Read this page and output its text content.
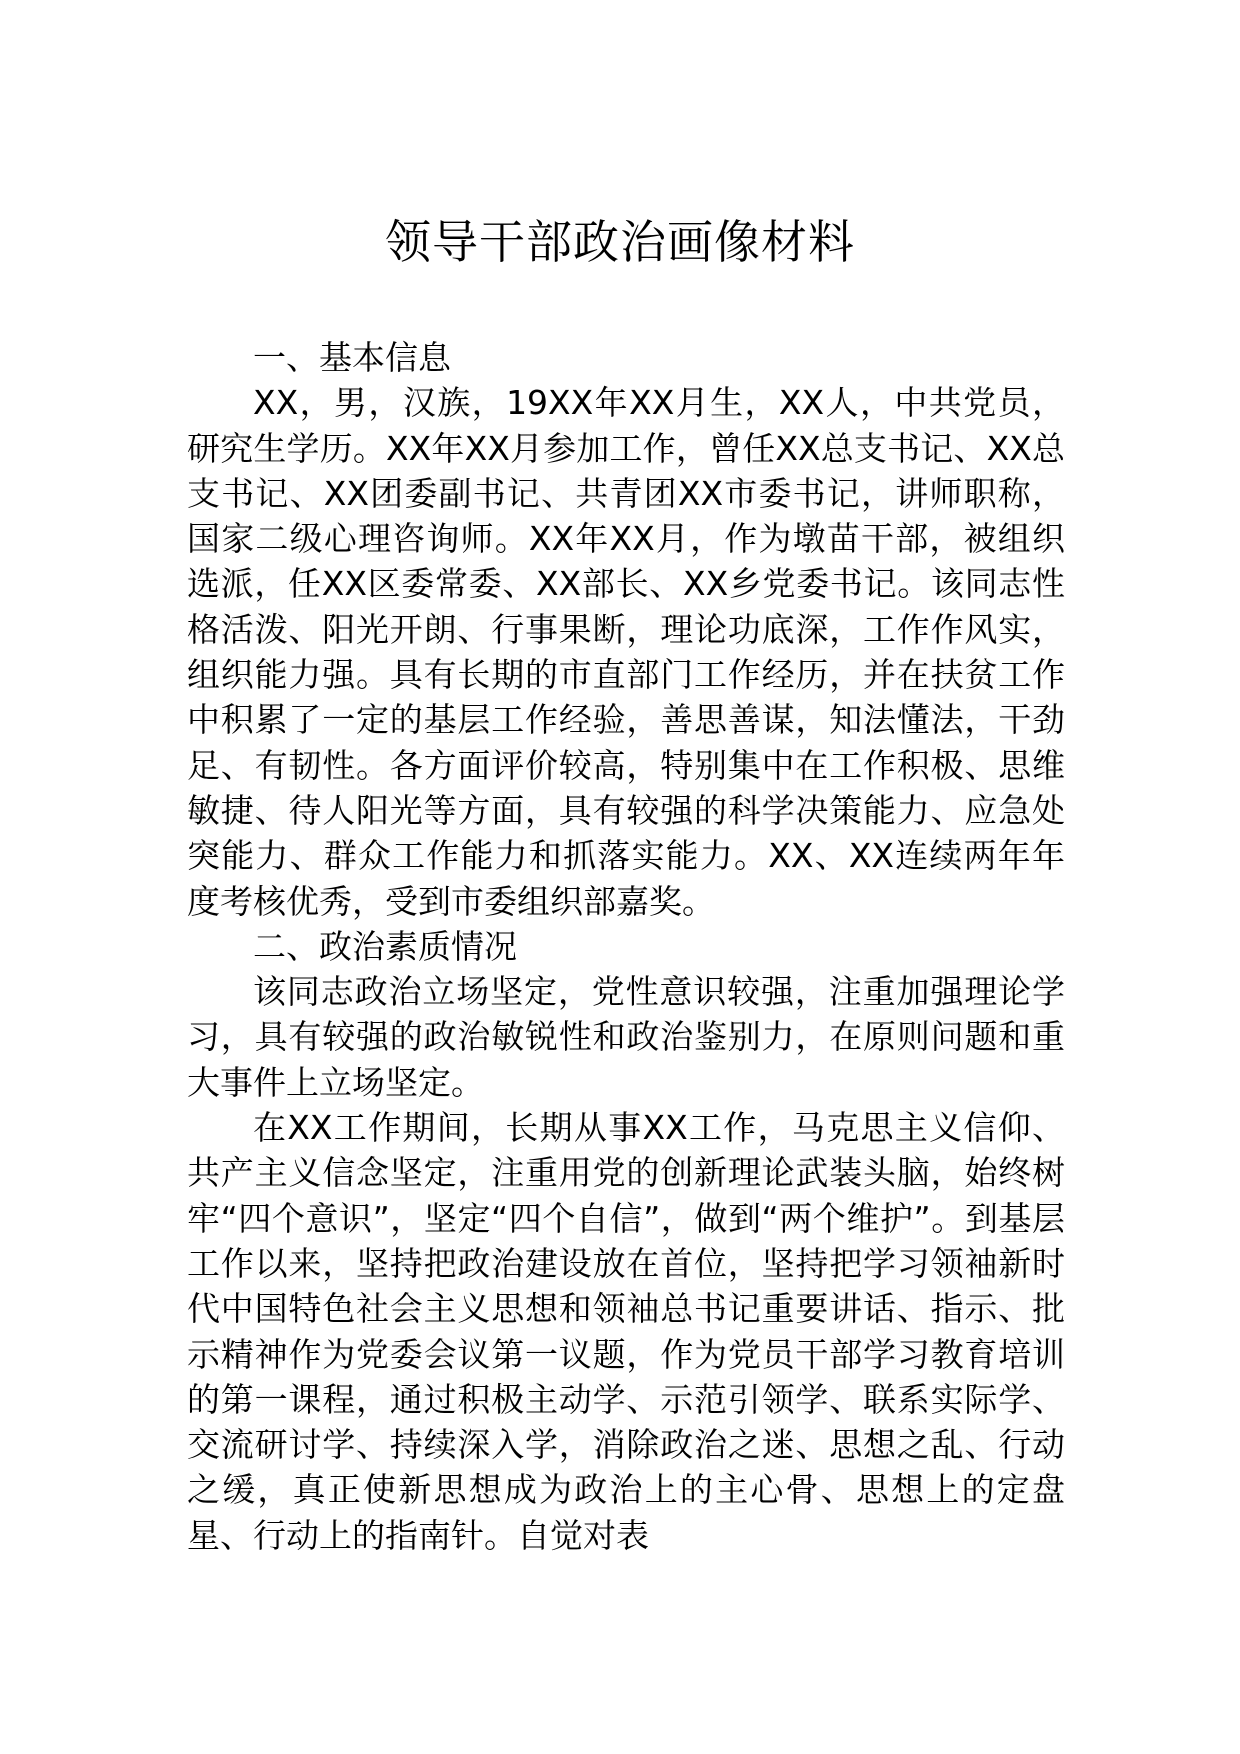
领导干部政治画像材料

一、基本信息

XX，男，汉族，19XX年XX月生，XX人，中共党员，研究生学历。XX年XX月参加工作，曾任XX总支书记、XX总支书记、XX团委副书记、共青团XX市委书记，讲师职称，国家二级心理咨询师。XX年XX月，作为墩苗干部，被组织选派，任XX区委常委、XX部长、XX乡党委书记。该同志性格活泼、阳光开朗、行事果断，理论功底深，工作作风实，组织能力强。具有长期的市直部门工作经历，并在扶贫工作中积累了一定的基层工作经验，善思善谋，知法懂法，干劲足、有韧性。各方面评价较高，特别集中在工作积极、思维敏捷、待人阳光等方面，具有较强的科学决策能力、应急处突能力、群众工作能力和抓落实能力。XX、XX连续两年年度考核优秀，受到市委组织部嘉奖。

二、政治素质情况

该同志政治立场坚定，党性意识较强，注重加强理论学习，具有较强的政治敏锐性和政治鉴别力，在原则问题和重大事件上立场坚定。

在XX工作期间，长期从事XX工作，马克思主义信仰、共产主义信念坚定，注重用党的创新理论武装头脑，始终树牢“四个意识”，坚定“四个自信”，做到“两个维护”。到基层工作以来，坚持把政治建设放在首位，坚持把学习领袖新时代中国特色社会主义思想和领袖总书记重要讲话、指示、批示精神作为党委会议第一议题，作为党员干部学习教育培训的第一课程，通过积极主动学、示范引领学、联系实际学、交流研讨学、持续深入学，消除政治之迷、思想之乱、行动之缓，真正使新思想成为政治上的主心骨、思想上的定盘星、行动上的指南针。自觉对表
